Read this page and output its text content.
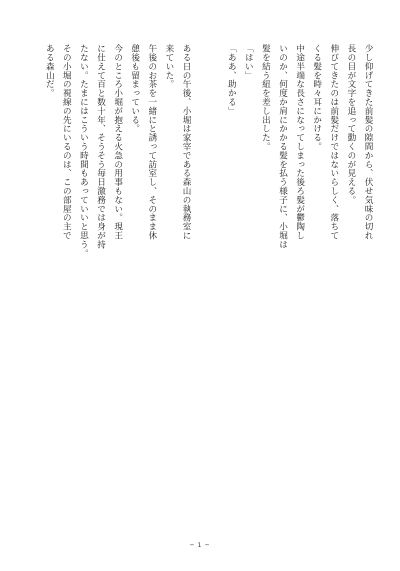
少し仰げてきた前髪の隙間から、伏せ気味の切れ
長の目が文字を追って動くのが見える。
伸びてきたのは前髪だけではないらしく、落ちて
くる髪を時々耳にかける。
中途半端な長さになってしまった後ろ髪が鬱陶し
いのか、何度か肩にかかる髪を払う様子に、小堀は
髪を結う紐を差し出した。
「はい」
「ああ、助かる」

ある日の午後、小堀は家宰である森山の執務室に
来ていた。
午後のお茶を一緒にと誘って訪室し、そのまま休
憩後も留まっている。
今のところ小堀が抱える火急の用事もない。現王
に仕えて百と数十年、そうそう毎日激務では身が持
たない。たまにはこういう時間もあっていいと思う。
その小堀の視線の先にいるのは、この部屋の主で
ある森山だ。

─ 1 ─
